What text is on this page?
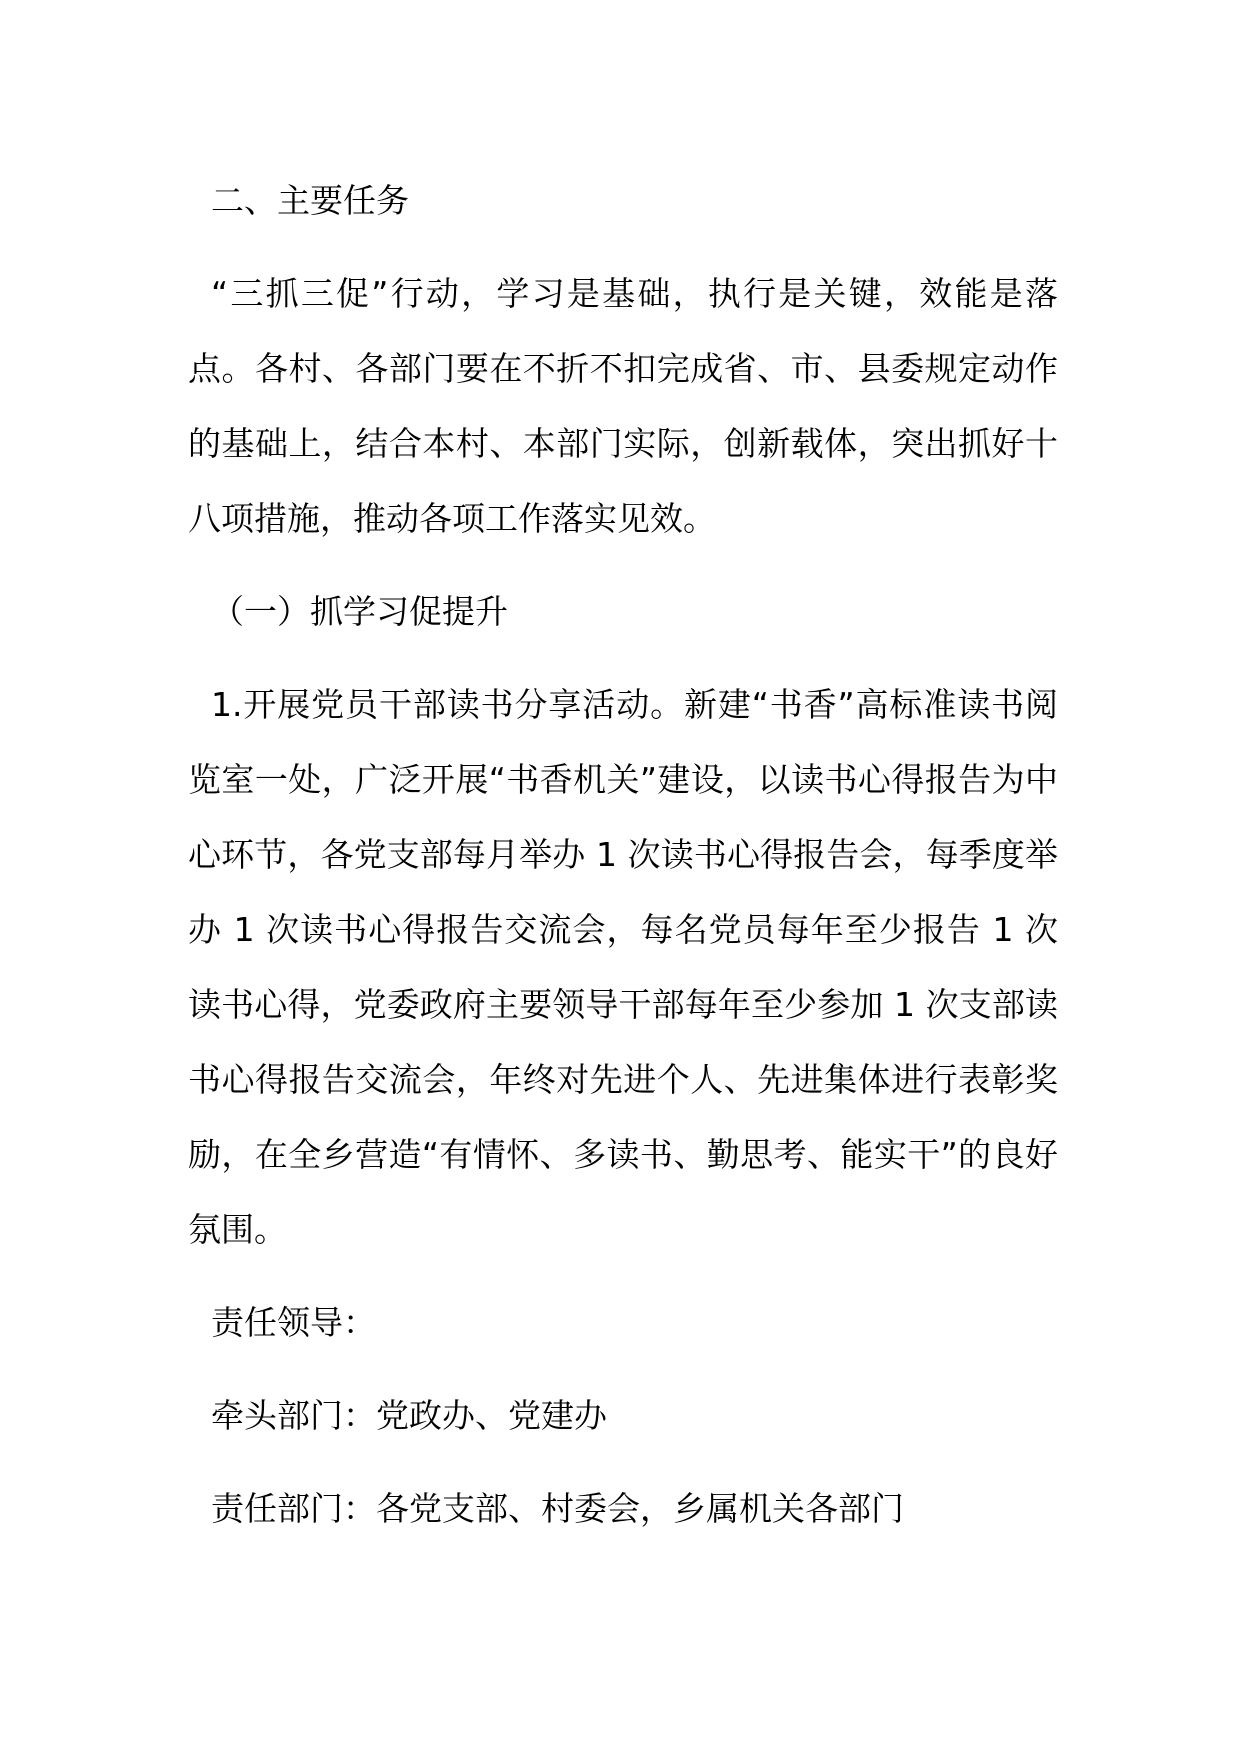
二、主要任务

“三抓三促”行动，学习是基础，执行是关键，效能是落点。各村、各部门要在不折不扣完成省、市、县委规定动作的基础上，结合本村、本部门实际，创新载体，突出抓好十八项措施，推动各项工作落实见效。

（一）抓学习促提升

1.开展党员干部读书分享活动。新建“书香”高标准读书阅览室一处，广泛开展“书香机关”建设，以读书心得报告为中心环节，各党支部每月举办 1 次读书心得报告会，每季度举办 1 次读书心得报告交流会，每名党员每年至少报告 1 次读书心得，党委政府主要领导干部每年至少参加 1 次支部读书心得报告交流会，年终对先进个人、先进集体进行表彰奖励，在全乡营造“有情怀、多读书、勤思考、能实干”的良好氛围。

责任领导：

牵头部门：党政办、党建办

责任部门：各党支部、村委会，乡属机关各部门
